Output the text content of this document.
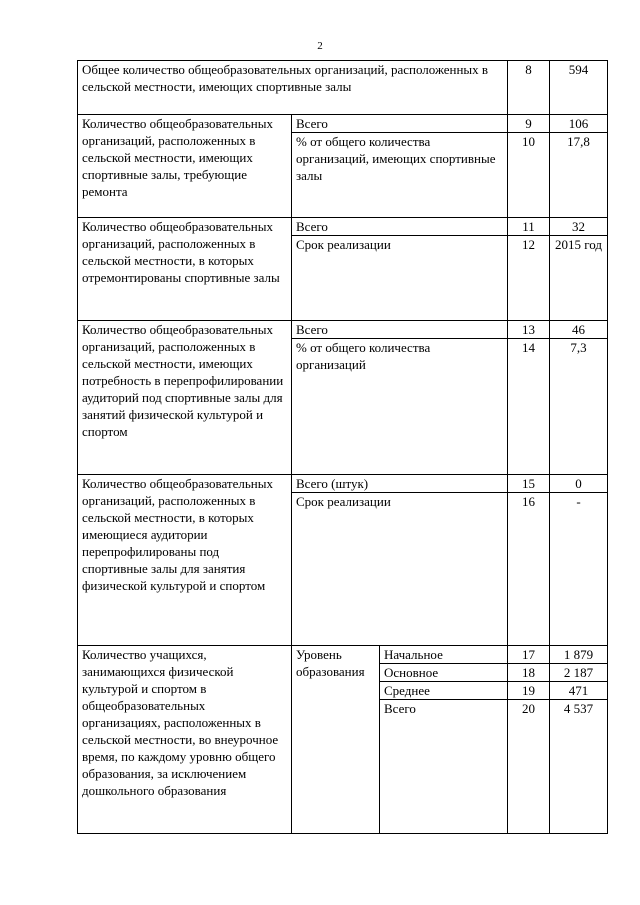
2
Общее количество общеобразовательных организаций, расположенных в сельской местности, имеющих спортивные залы			8	594
Количество общеобразовательных организаций, расположенных в сельской местности, имеющих спортивные залы, требующие ремонта	Всего		9	106
	% от общего количества организаций, имеющих спортивные залы		10	17,8
Количество общеобразовательных организаций, расположенных в сельской местности, в которых отремонтированы спортивные залы	Всего		11	32
	Срок реализации		12	2015 год
Количество общеобразовательных организаций, расположенных в сельской местности, имеющих потребность в перепрофилировании аудиторий под спортивные залы для занятий физической культурой и спортом	Всего		13	46
	% от общего количества организаций		14	7,3
Количество общеобразовательных организаций, расположенных в сельской местности, в которых имеющиеся аудитории перепрофилированы под спортивные залы для занятия физической культурой и спортом	Всего (штук)		15	0
	Срок реализации		16	-
Количество учащихся, занимающихся физической культурой и спортом в общеобразовательных организациях, расположенных в сельской местности, во внеурочное время, по каждому уровню общего образования, за исключением дошкольного образования	Уровень образования	Начальное	17	1 879
		Основное	18	2 187
		Среднее	19	471
		Всего	20	4 537
